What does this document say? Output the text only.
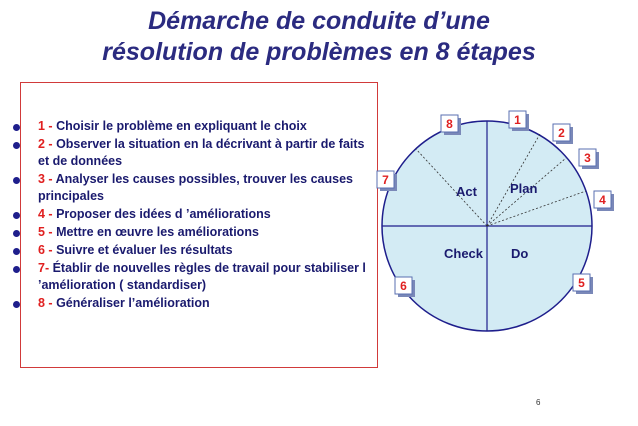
Démarche de conduite d’une
résolution de problèmes en 8 étapes
1 - Choisir le problème en expliquant le choix
2 - Observer la situation en la décrivant à partir de faits et de données
3 - Analyser les causes possibles, trouver les causes principales
4 - Proposer des idées d ’améliorations
5 - Mettre en œuvre les améliorations
6 - Suivre et évaluer les résultats
7- Établir de nouvelles règles de travail pour stabiliser l ’amélioration ( standardiser)
8 - Généraliser l’amélioration
Act	Plan
Check Do
1
2
3
4
5
6
7
8
6
